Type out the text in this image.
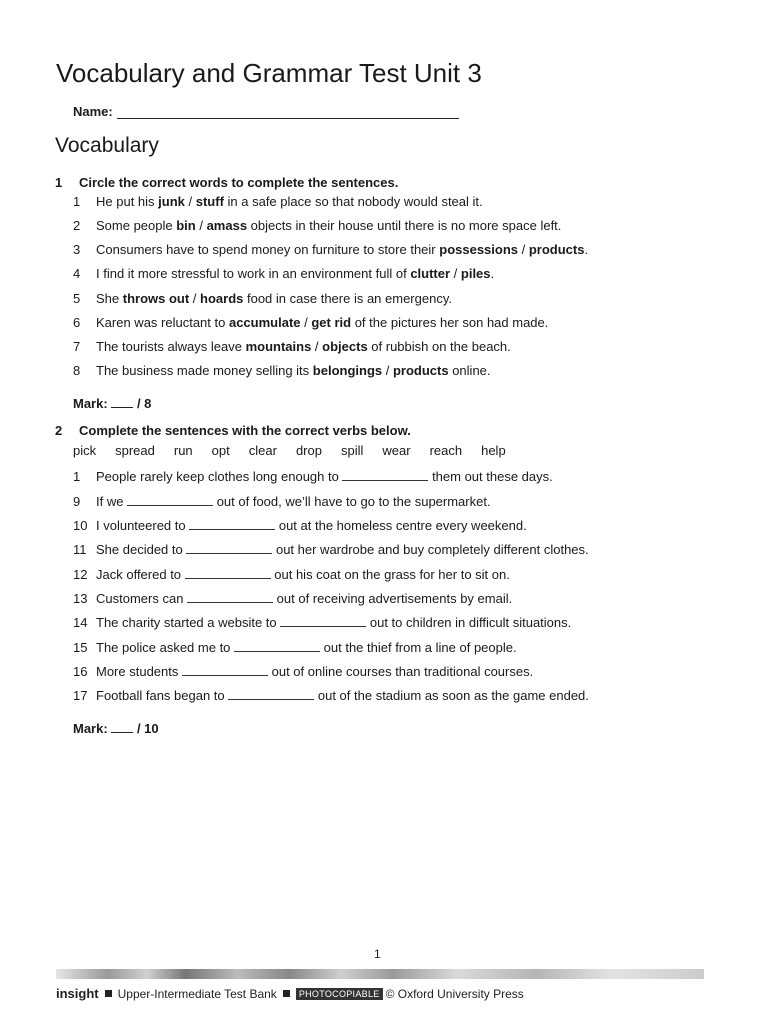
Vocabulary and Grammar Test Unit 3
Name:
Vocabulary
1 Circle the correct words to complete the sentences.
1 He put his junk / stuff in a safe place so that nobody would steal it.
2 Some people bin / amass objects in their house until there is no more space left.
3 Consumers have to spend money on furniture to store their possessions / products.
4 I find it more stressful to work in an environment full of clutter / piles.
5 She throws out / hoards food in case there is an emergency.
6 Karen was reluctant to accumulate / get rid of the pictures her son had made.
7 The tourists always leave mountains / objects of rubbish on the beach.
8 The business made money selling its belongings / products online.
Mark: / 8
2 Complete the sentences with the correct verbs below.
pick spread run opt clear drop spill wear reach help
1 People rarely keep clothes long enough to	them out these days.
9 If we	out of food, we’ll have to go to the supermarket.
10 I volunteered to	out at the homeless centre every weekend.
11 She decided to	out her wardrobe and buy completely different clothes.
12 Jack offered to	out his coat on the grass for her to sit on.
13 Customers can	out of receiving advertisements by email.
14 The charity started a website to	out to children in difficult situations.
15 The police asked me to	out the thief from a line of people.
16 More students	out of online courses than traditional courses.
17 Football fans began to	out of the stadium as soon as the game ended.
Mark: / 10
1
insight Upper-Intermediate Test Bank	PHOTOCOPIABLE © Oxford University Press
